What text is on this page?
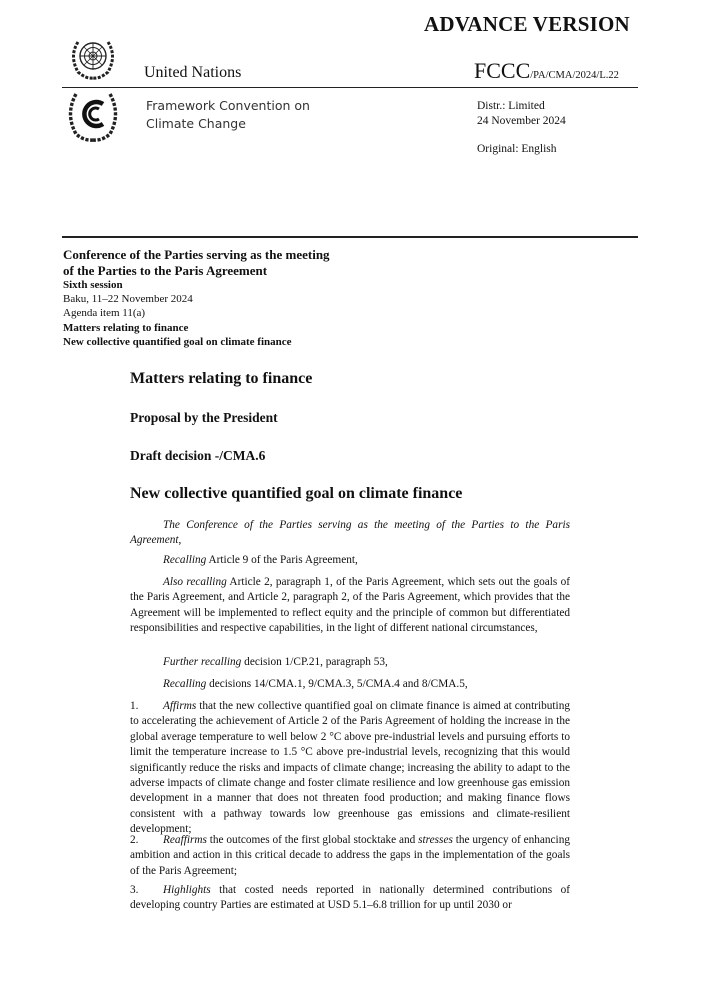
ADVANCE VERSION
United Nations	FCCC/PA/CMA/2024/L.22
Framework Convention on
Climate Change
Distr.: Limited
24 November 2024
Original: English
Conference of the Parties serving as the meeting
of the Parties to the Paris Agreement
Sixth session
Baku, 11–22 November 2024
Agenda item 11(a)
Matters relating to finance
New collective quantified goal on climate finance
Matters relating to finance
Proposal by the President
Draft decision -/CMA.6
New collective quantified goal on climate finance
The Conference of the Parties serving as the meeting of the Parties to the Paris Agreement,
Recalling Article 9 of the Paris Agreement,
Also recalling Article 2, paragraph 1, of the Paris Agreement, which sets out the goals of the Paris Agreement, and Article 2, paragraph 2, of the Paris Agreement, which provides that the Agreement will be implemented to reflect equity and the principle of common but differentiated responsibilities and respective capabilities, in the light of different national circumstances,
Further recalling decision 1/CP.21, paragraph 53,
Recalling decisions 14/CMA.1, 9/CMA.3, 5/CMA.4 and 8/CMA.5,
1. Affirms that the new collective quantified goal on climate finance is aimed at contributing to accelerating the achievement of Article 2 of the Paris Agreement of holding the increase in the global average temperature to well below 2 °C above pre-industrial levels and pursuing efforts to limit the temperature increase to 1.5 °C above pre-industrial levels, recognizing that this would significantly reduce the risks and impacts of climate change; increasing the ability to adapt to the adverse impacts of climate change and foster climate resilience and low greenhouse gas emission development in a manner that does not threaten food production; and making finance flows consistent with a pathway towards low greenhouse gas emissions and climate-resilient development;
2. Reaffirms the outcomes of the first global stocktake and stresses the urgency of enhancing ambition and action in this critical decade to address the gaps in the implementation of the goals of the Paris Agreement;
3. Highlights that costed needs reported in nationally determined contributions of developing country Parties are estimated at USD 5.1–6.8 trillion for up until 2030 or
